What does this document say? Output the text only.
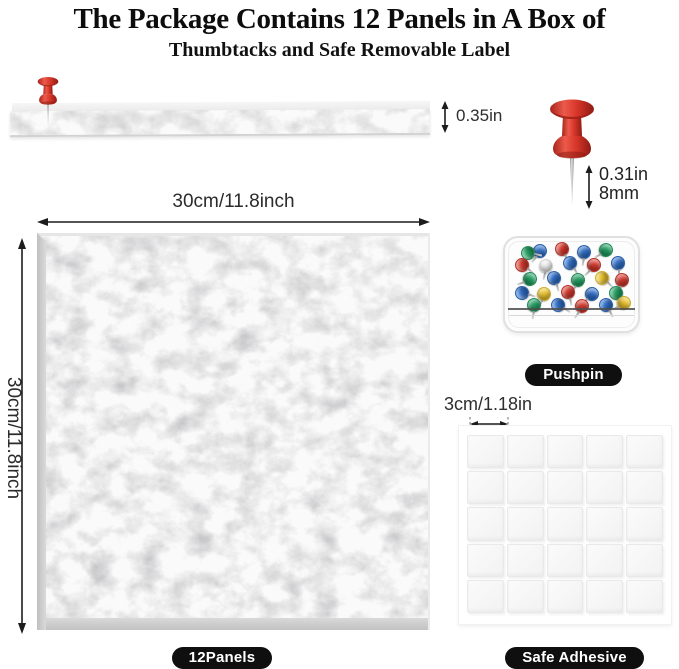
The Package Contains 12 Panels in A Box of
Thumbtacks and Safe Removable Label
0.35in
0.31in
8mm
30cm/11.8inch
30cm/11.8inch
12Panels
Pushpin
3cm/1.18in
Safe Adhesive
